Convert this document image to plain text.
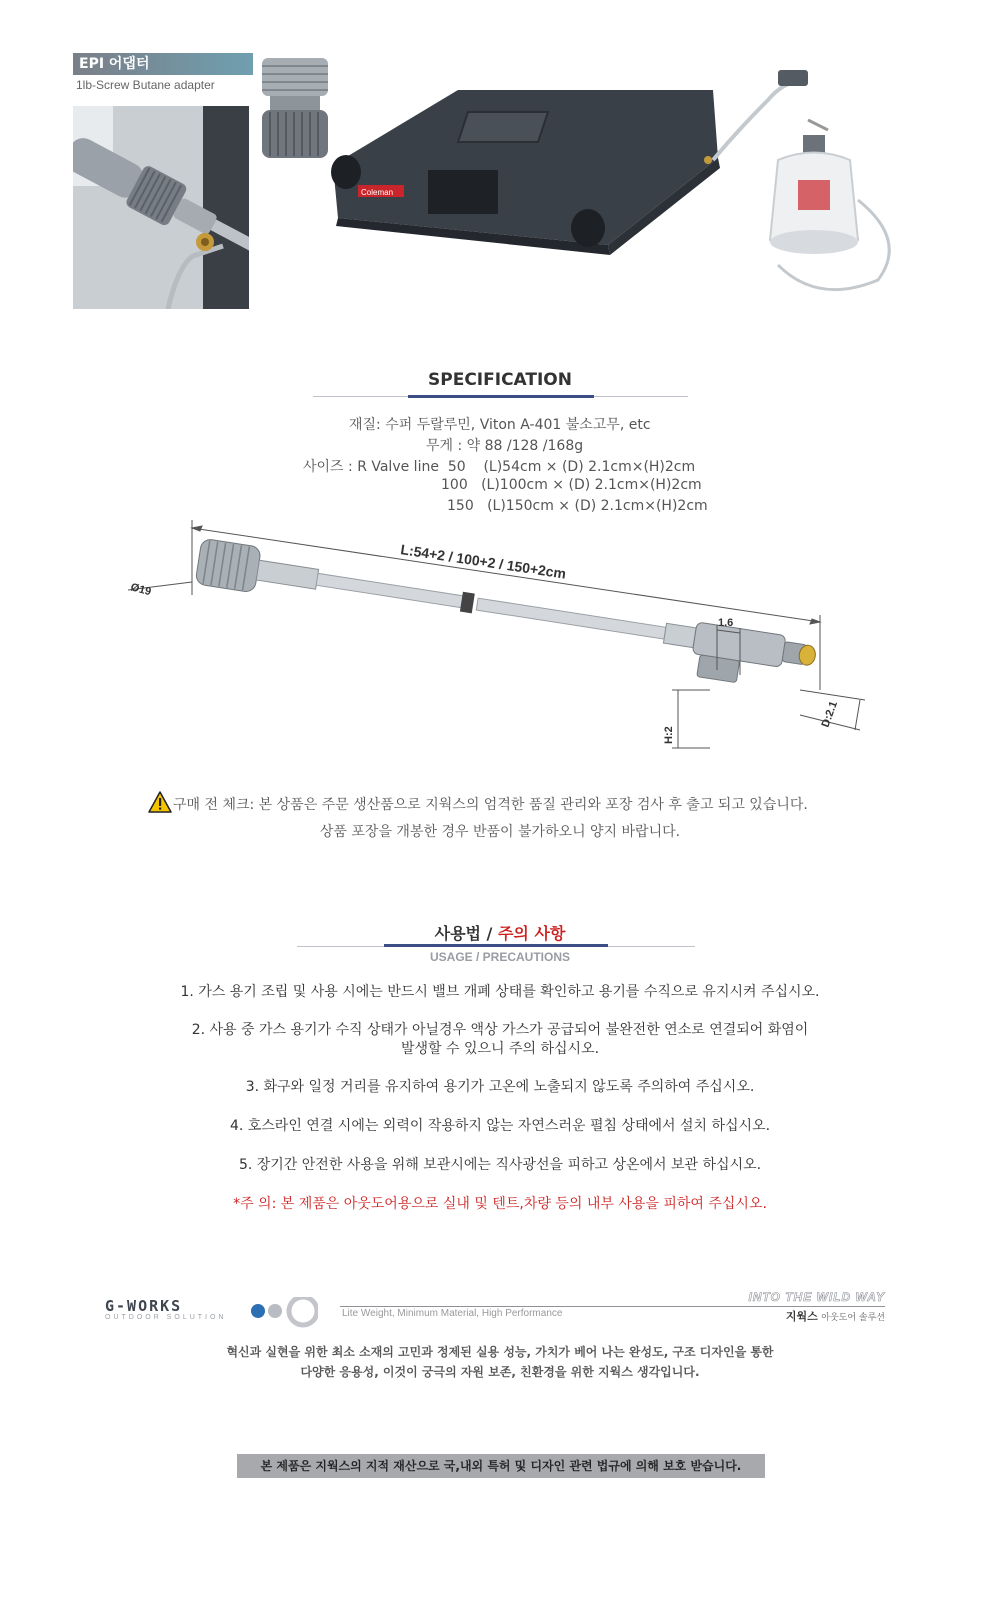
EPI 어댑터
1lb-Screw Butane adapter
Coleman
SPECIFICATION
재질: 수퍼 두랄루민, Viton A-401 불소고무, etc
무게 : 약 88 /128 /168g
사이즈 : R Valve line  50    (L)54cm × (D) 2.1cm×(H)2cm
100   (L)100cm × (D) 2.1cm×(H)2cm
150   (L)150cm × (D) 2.1cm×(H)2cm
L:54+2 / 100+2 / 150+2cm
Ø19
1.6
H:2
D:2.1
구매 전 체크: 본 상품은 주문 생산품으로 지웍스의 엄격한 품질 관리와 포장 검사 후 출고 되고 있습니다.
상품 포장을 개봉한 경우 반품이 불가하오니 양지 바랍니다.
사용법 / 주의 사항
USAGE / PRECAUTIONS
1. 가스 용기 조립 및 사용 시에는 반드시 밸브 개폐 상태를 확인하고 용기를 수직으로 유지시켜 주십시오.
2. 사용 중 가스 용기가 수직 상태가 아닐경우 액상 가스가 공급되어 불완전한 연소로 연결되어 화염이
발생할 수 있으니 주의 하십시오.
3. 화구와 일정 거리를 유지하여 용기가 고온에 노출되지 않도록 주의하여 주십시오.
4. 호스라인 연결 시에는 외력이 작용하지 않는 자연스러운 펼침 상태에서 설치 하십시오.
5. 장기간 안전한 사용을 위해 보관시에는 직사광선을 피하고 상온에서 보관 하십시오.
*주 의: 본 제품은 아웃도어용으로 실내 및 텐트,차량 등의 내부 사용을 피하여 주십시오.
G-WORKS
OUTDOOR SOLUTION	Lite Weight, Minimum Material, High Performance
INTO THE WILD WAY
지웍스 아웃도어 솔루션
혁신과 실현을 위한 최소 소재의 고민과 정제된 실용 성능, 가치가 베어 나는 완성도, 구조 디자인을 통한
다양한 응용성, 이것이 궁극의 자원 보존, 친환경을 위한 지웍스 생각입니다.
본 제품은 지웍스의 지적 재산으로 국,내외 특허 및 디자인 관련 법규에 의해 보호 받습니다.
